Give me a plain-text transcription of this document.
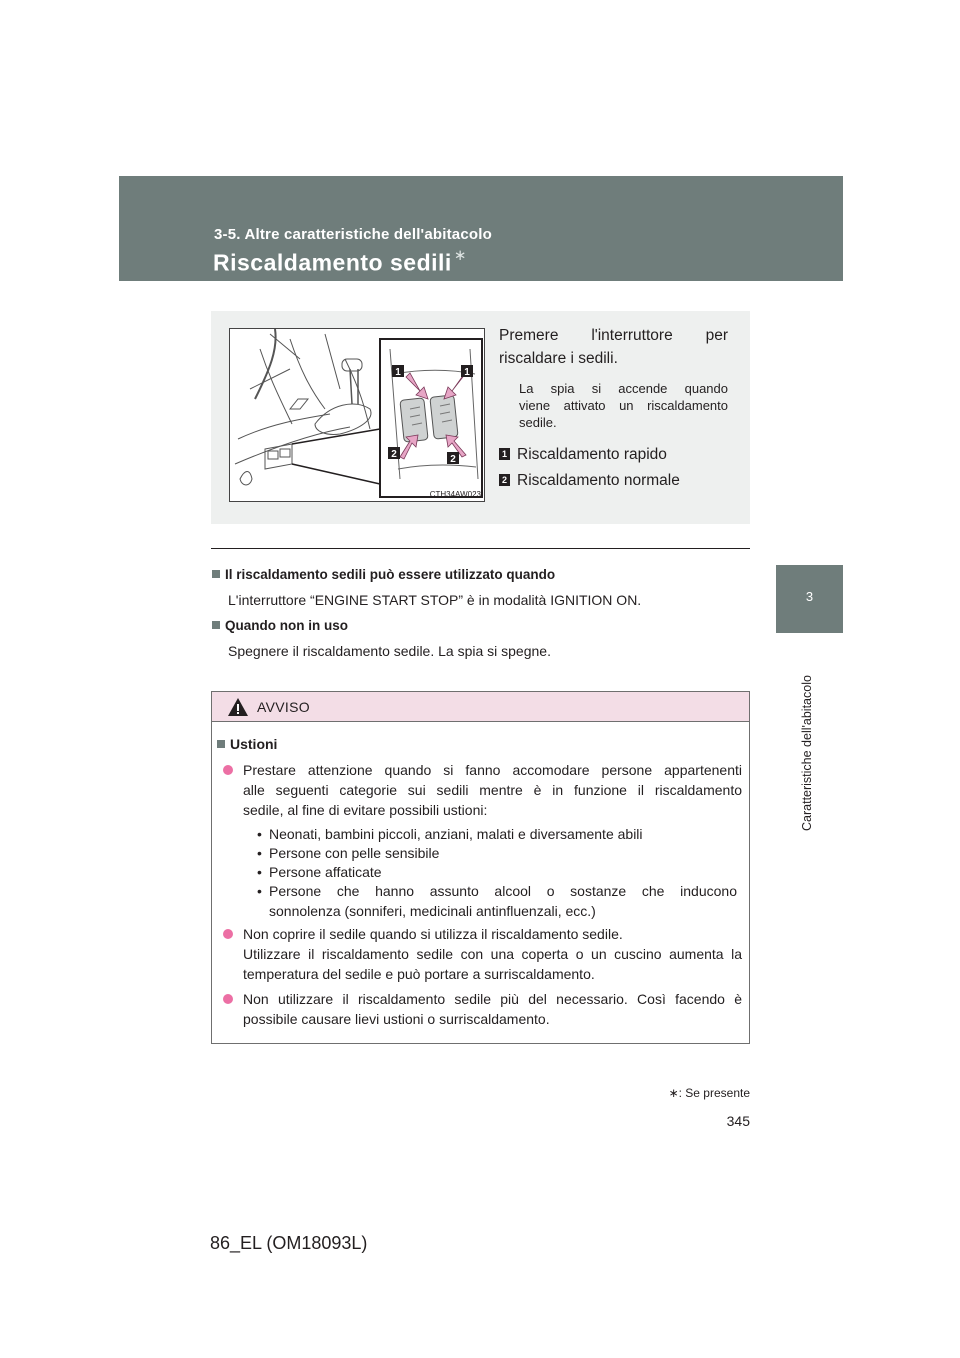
3-5. Altre caratteristiche dell'abitacolo
Riscaldamento sedili ∗
3
Caratteristiche dell'abitacolo
1	1
2	2
CTH34AW023
Premere l'interruttore per
riscaldare i sedili.
La spia si accende quando
viene attivato un riscaldamento
sedile.
1 Riscaldamento rapido
2 Riscaldamento normale
Il riscaldamento sedili può essere utilizzato quando
L'interruttore “ENGINE START STOP” è in modalità IGNITION ON.
Quando non in uso
Spegnere il riscaldamento sedile. La spia si spegne.
AVVISO
Ustioni
Prestare attenzione quando si fanno accomodare persone appartenenti
alle seguenti categorie sui sedili mentre è in funzione il riscaldamento
sedile, al fine di evitare possibili ustioni:
• Neonati, bambini piccoli, anziani, malati e diversamente abili
• Persone con pelle sensibile
• Persone affaticate
• Persone che hanno assunto alcool o sostanze che inducono
sonnolenza (sonniferi, medicinali antinfluenzali, ecc.)
Non coprire il sedile quando si utilizza il riscaldamento sedile.
Utilizzare il riscaldamento sedile con una coperta o un cuscino aumenta la
temperatura del sedile e può portare a surriscaldamento.
Non utilizzare il riscaldamento sedile più del necessario. Così facendo è
possibile causare lievi ustioni o surriscaldamento.
∗: Se presente
345
86_EL (OM18093L)
